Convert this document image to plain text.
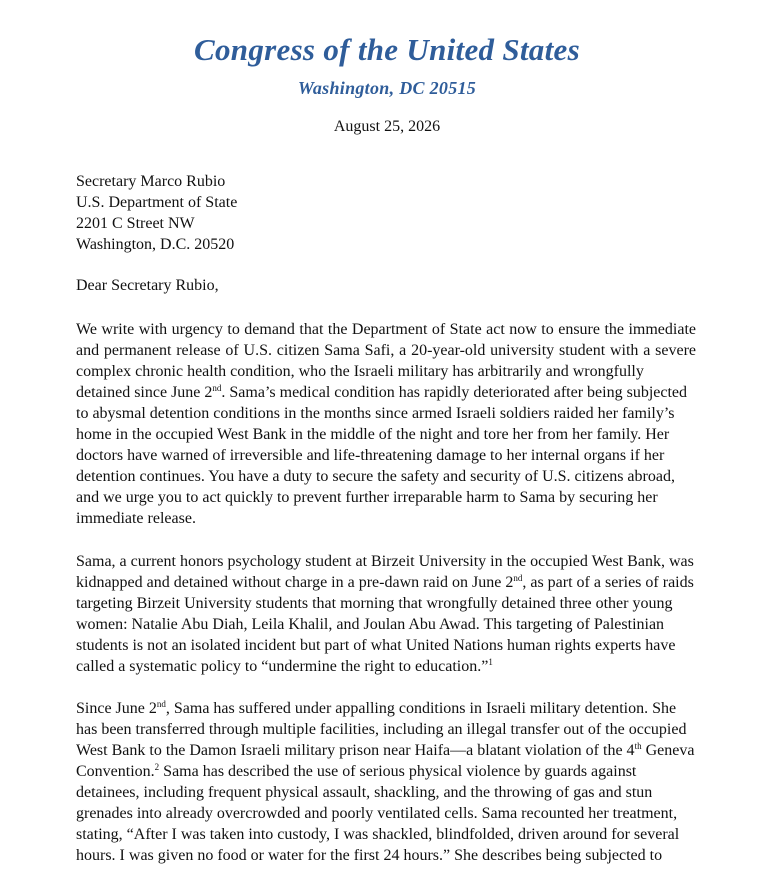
Congress of the United States
Washington, DC 20515
August 25, 2026
Secretary Marco Rubio
U.S. Department of State
2201 C Street NW
Washington, D.C. 20520
Dear Secretary Rubio,
We write with urgency to demand that the Department of State act now to ensure the immediate
and permanent release of U.S. citizen Sama Safi, a 20-year-old university student with a severe
complex chronic health condition, who the Israeli military has arbitrarily and wrongfully
detained since June 2nd. Sama’s medical condition has rapidly deteriorated after being subjected
to abysmal detention conditions in the months since armed Israeli soldiers raided her family’s
home in the occupied West Bank in the middle of the night and tore her from her family. Her
doctors have warned of irreversible and life-threatening damage to her internal organs if her
detention continues. You have a duty to secure the safety and security of U.S. citizens abroad,
and we urge you to act quickly to prevent further irreparable harm to Sama by securing her
immediate release.
Sama, a current honors psychology student at Birzeit University in the occupied West Bank, was
kidnapped and detained without charge in a pre-dawn raid on June 2nd, as part of a series of raids
targeting Birzeit University students that morning that wrongfully detained three other young
women: Natalie Abu Diah, Leila Khalil, and Joulan Abu Awad. This targeting of Palestinian
students is not an isolated incident but part of what United Nations human rights experts have
called a systematic policy to “undermine the right to education.”$^1$
Since June 2nd, Sama has suffered under appalling conditions in Israeli military detention. She
has been transferred through multiple facilities, including an illegal transfer out of the occupied
West Bank to the Damon Israeli military prison near Haifa—a blatant violation of the 4th Geneva
Convention.$^2$ Sama has described the use of serious physical violence by guards against
detainees, including frequent physical assault, shackling, and the throwing of gas and stun
grenades into already overcrowded and poorly ventilated cells. Sama recounted her treatment,
stating, “After I was taken into custody, I was shackled, blindfolded, driven around for several
hours. I was given no food or water for the first 24 hours.” She describes being subjected to
